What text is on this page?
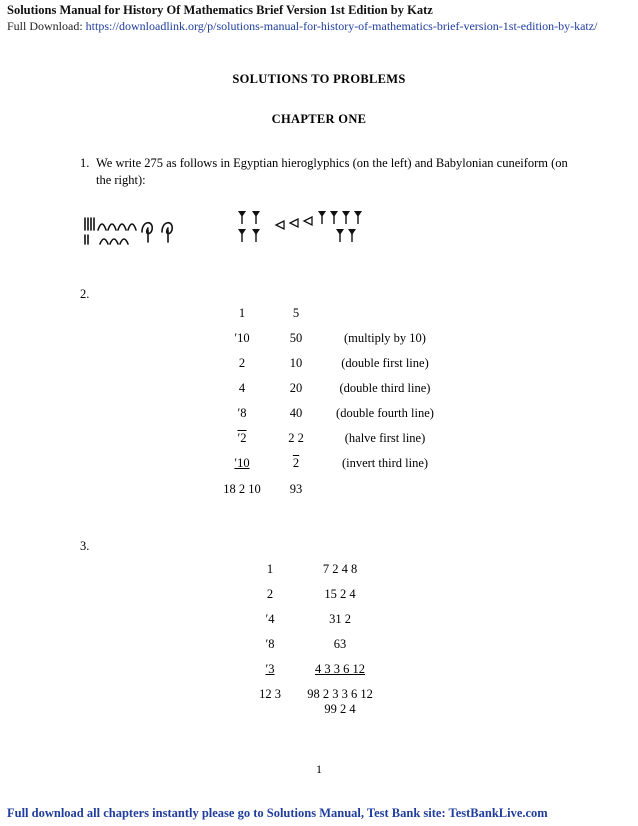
Solutions Manual for History Of Mathematics Brief Version 1st Edition by Katz
Full Download: https://downloadlink.org/p/solutions-manual-for-history-of-mathematics-brief-version-1st-edition-by-katz/
SOLUTIONS TO PROBLEMS
CHAPTER ONE
1. We write 275 as follows in Egyptian hieroglyphics (on the left) and Babylonian cuneiform (on the right):
2.
1	5
′10	50	(multiply by 10)
2	10	(double first line)
4	20	(double third line)
′8	40	(double fourth line)
′2	2 2	(halve first line)
′10	2	(invert third line)
18 2 10	93
3.
1	7 2 4 8
2	15 2 4
′4	31 2
′8	63
′3	4 3 3 6 12
12 3	98 2 3 3 6 12
99 2 4
1
Full download all chapters instantly please go to Solutions Manual, Test Bank site: TestBankLive.com
